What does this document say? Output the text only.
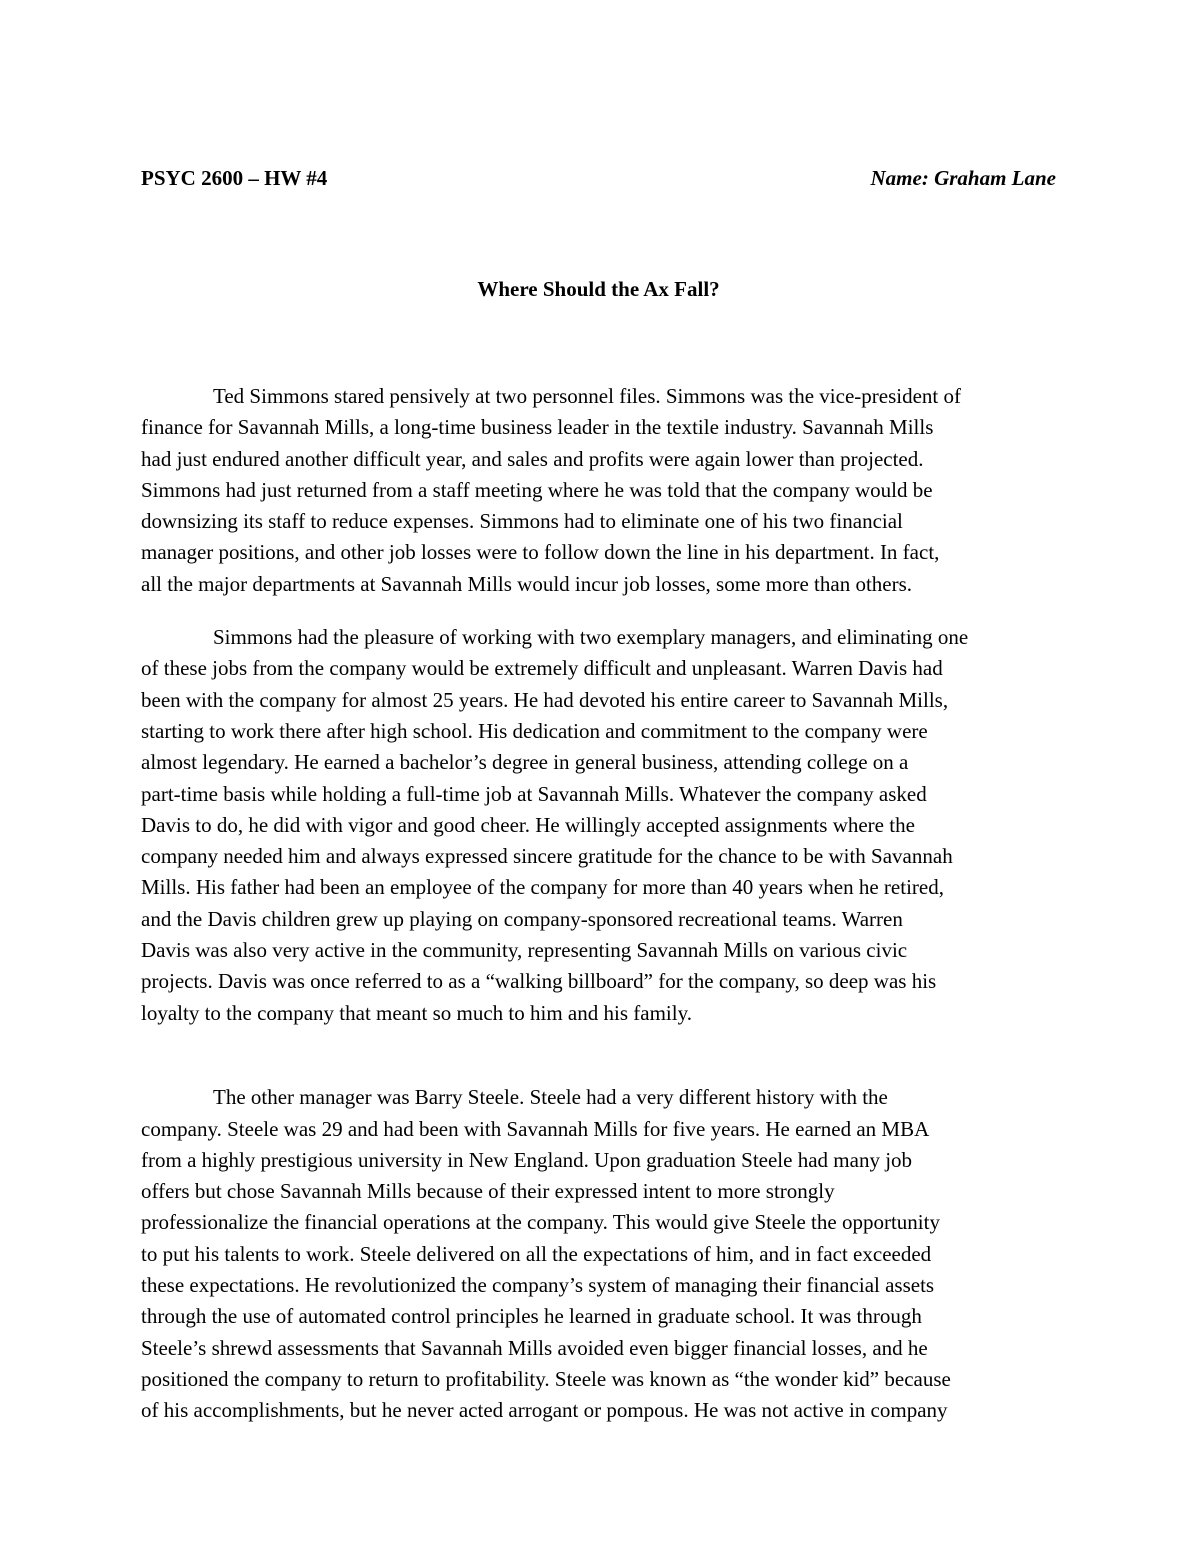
PSYC 2600 – HW #4	Name: Graham Lane
Where Should the Ax Fall?
Ted Simmons stared pensively at two personnel files. Simmons was the vice-president of
finance for Savannah Mills, a long-time business leader in the textile industry. Savannah Mills
had just endured another difficult year, and sales and profits were again lower than projected.
Simmons had just returned from a staff meeting where he was told that the company would be
downsizing its staff to reduce expenses. Simmons had to eliminate one of his two financial
manager positions, and other job losses were to follow down the line in his department. In fact,
all the major departments at Savannah Mills would incur job losses, some more than others.
Simmons had the pleasure of working with two exemplary managers, and eliminating one
of these jobs from the company would be extremely difficult and unpleasant. Warren Davis had
been with the company for almost 25 years. He had devoted his entire career to Savannah Mills,
starting to work there after high school. His dedication and commitment to the company were
almost legendary. He earned a bachelor’s degree in general business, attending college on a
part-time basis while holding a full-time job at Savannah Mills. Whatever the company asked
Davis to do, he did with vigor and good cheer. He willingly accepted assignments where the
company needed him and always expressed sincere gratitude for the chance to be with Savannah
Mills. His father had been an employee of the company for more than 40 years when he retired,
and the Davis children grew up playing on company-sponsored recreational teams. Warren
Davis was also very active in the community, representing Savannah Mills on various civic
projects. Davis was once referred to as a “walking billboard” for the company, so deep was his
loyalty to the company that meant so much to him and his family.
The other manager was Barry Steele. Steele had a very different history with the
company. Steele was 29 and had been with Savannah Mills for five years. He earned an MBA
from a highly prestigious university in New England. Upon graduation Steele had many job
offers but chose Savannah Mills because of their expressed intent to more strongly
professionalize the financial operations at the company. This would give Steele the opportunity
to put his talents to work. Steele delivered on all the expectations of him, and in fact exceeded
these expectations. He revolutionized the company’s system of managing their financial assets
through the use of automated control principles he learned in graduate school. It was through
Steele’s shrewd assessments that Savannah Mills avoided even bigger financial losses, and he
positioned the company to return to profitability. Steele was known as “the wonder kid” because
of his accomplishments, but he never acted arrogant or pompous. He was not active in company
